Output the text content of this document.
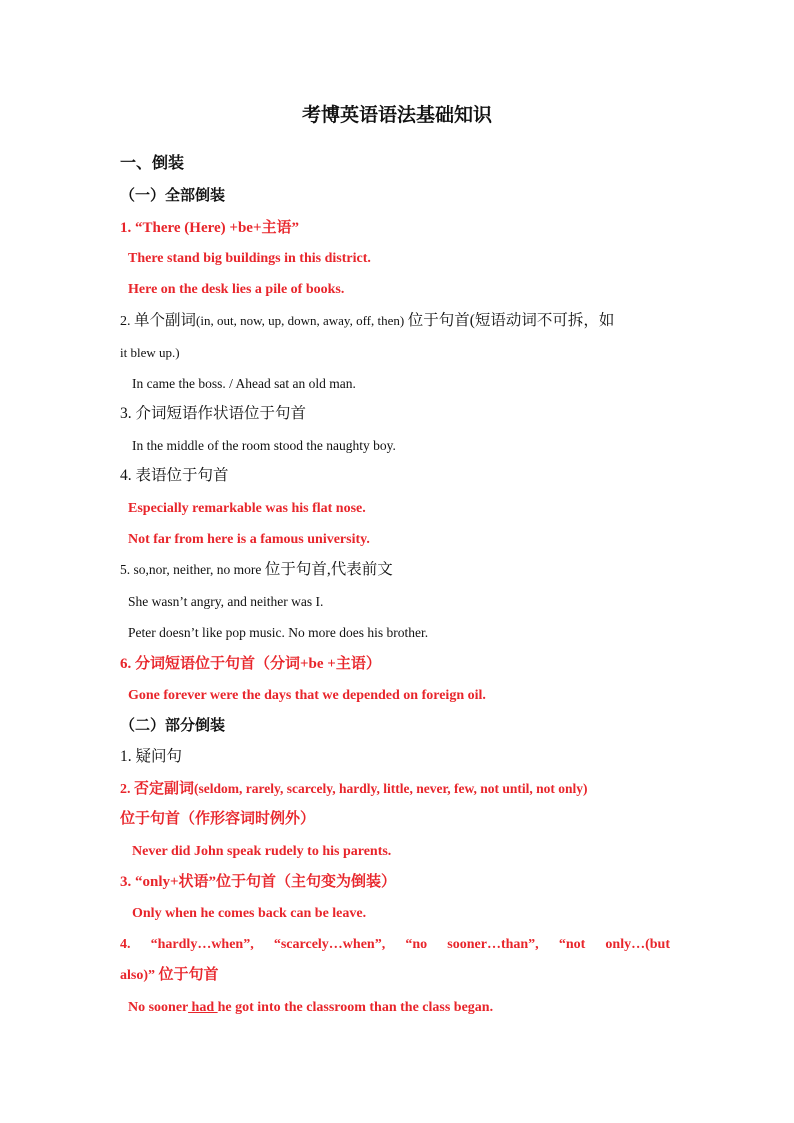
考博英语语法基础知识
一、倒装
（一）全部倒装
1. “There (Here) +be+主语”
There stand big buildings in this district.
Here on the desk lies a pile of books.
2. 单个副词(in, out, now, up, down, away, off, then) 位于句首(短语动词不可拆，如
it blew up.)
In came the boss. / Ahead sat an old man.
3. 介词短语作状语位于句首
In the middle of the room stood the naughty boy.
4. 表语位于句首
Especially remarkable was his flat nose.
Not far from here is a famous university.
5. so,nor, neither, no more 位于句首,代表前文
She wasn’t angry, and neither was I.
Peter doesn’t like pop music. No more does his brother.
6. 分词短语位于句首（分词+be +主语）
Gone forever were the days that we depended on foreign oil.
（二）部分倒装
1. 疑问句
2. 否定副词(seldom, rarely, scarcely, hardly, little, never, few, not until, not only)
位于句首（作形容词时例外）
Never did John speak rudely to his parents.
3. “only+状语”位于句首（主句变为倒装）
Only when he comes back can be leave.
4. “hardly…when”, “scarcely…when”, “no sooner…than”, “not only…(but
also)” 位于句首
No sooner had he got into the classroom than the class began.
